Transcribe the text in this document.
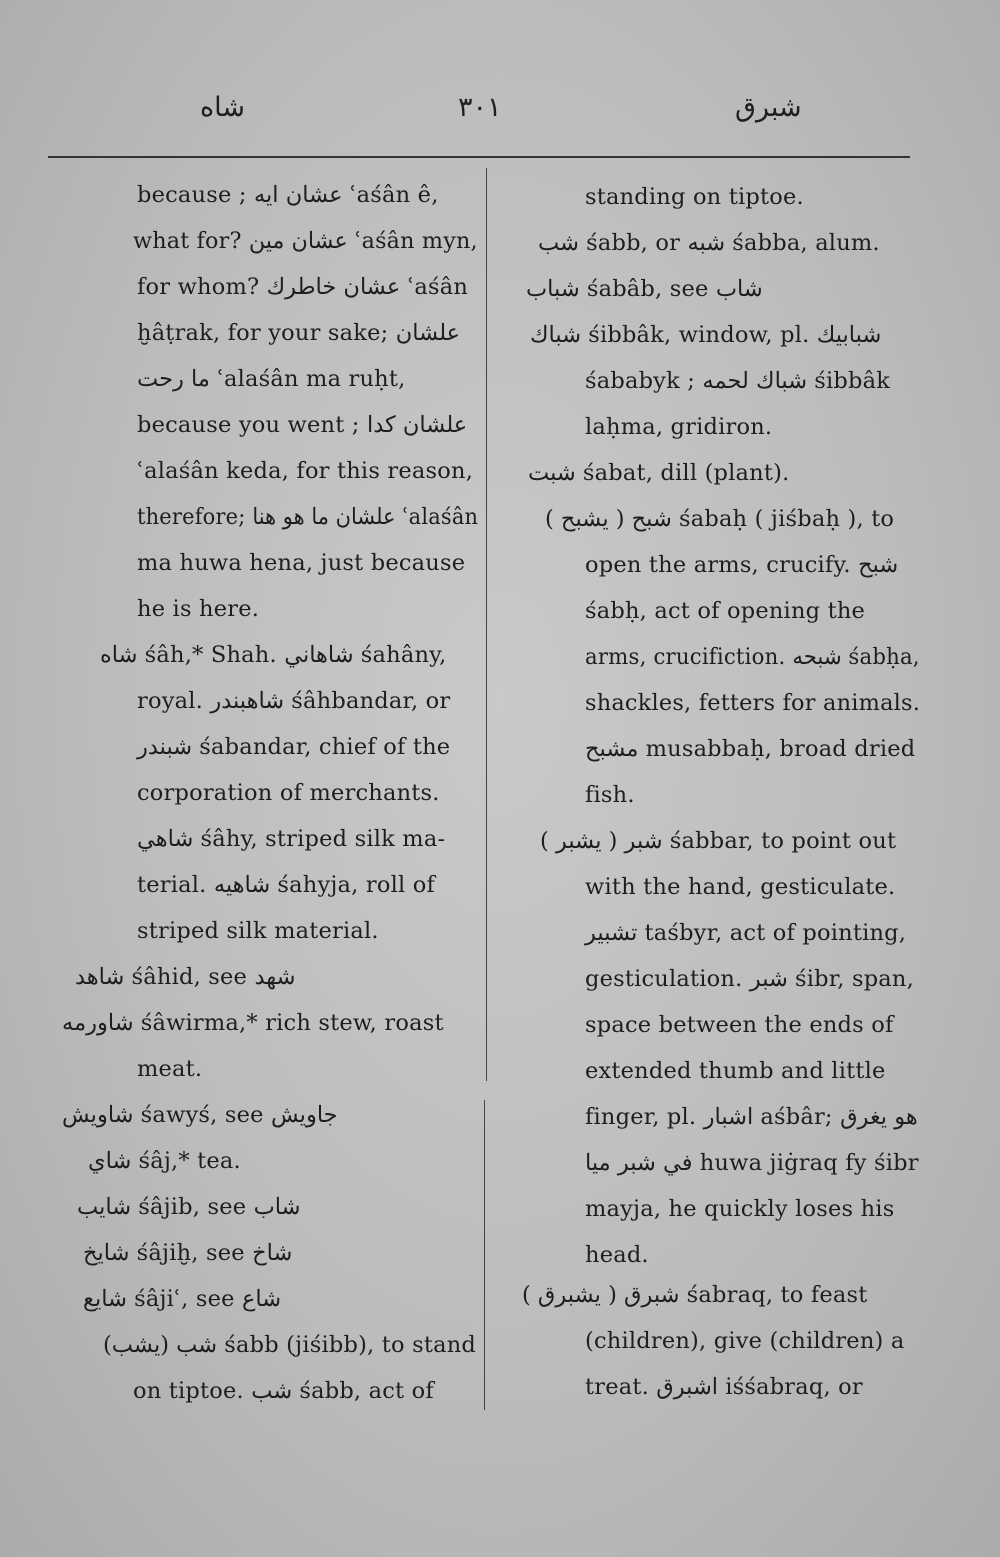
شاه	٣٠١	شبرق
because ; عشان ايه ʿaśân ê,
what for? عشان مين ʿaśân myn,
for whom? عشان خاطرك ʿaśân
ḫâṭrak, for your sake; علشان
ما رحت ʿalaśân ma ruḥt,
because you went ; علشان كدا
ʿalaśân keda, for this reason,
therefore; علشان ما هو هنا ʿalaśân
ma huwa hena, just because
he is here.
شاه śâh,* Shah. شاهاني śahâny,
royal. شاهبندر śâhbandar, or
شبندر śabandar, chief of the
corporation of merchants.
شاهي śâhy, striped silk ma-
terial. شاهيه śahyja, roll of
striped silk material.
شاهد śâhid, see شهد
شاورمه śâwirma,* rich stew, roast
meat.
شاويش śawyś, see جاويش
شاي śâj,* tea.
شايب śâjib, see شاب
شايخ śâjiḫ, see شاخ
شايع śâjiʿ, see شاع
شب (يشب) śabb (jiśibb), to stand
on tiptoe. شب śabb, act of
standing on tiptoe.
شب śabb, or شبه śabba, alum.
شباب śabâb, see شاب
شباك śibbâk, window, pl. شبابيك
śababyk ; شباك لحمه śibbâk
laḥma, gridiron.
شبت śabat, dill (plant).
شبح ( يشبح ) śabaḥ ( jiśbaḥ ), to
open the arms, crucify. شبح
śabḥ, act of opening the
arms, crucifiction. شبحه śabḥa,
shackles, fetters for animals.
مشبح musabbaḥ, broad dried
fish.
شبر ( يشبر ) śabbar, to point out
with the hand, gesticulate.
تشبير taśbyr, act of pointing,
gesticulation. شبر śibr, span,
space between the ends of
extended thumb and little
finger, pl. اشبار aśbâr; هو يغرق
في شبر ميا huwa jiġraq fy śibr
mayja, he quickly loses his
head.
شبرق ( يشبرق ) śabraq, to feast
(children), give (children) a
treat. اشبرق iśśabraq, or
